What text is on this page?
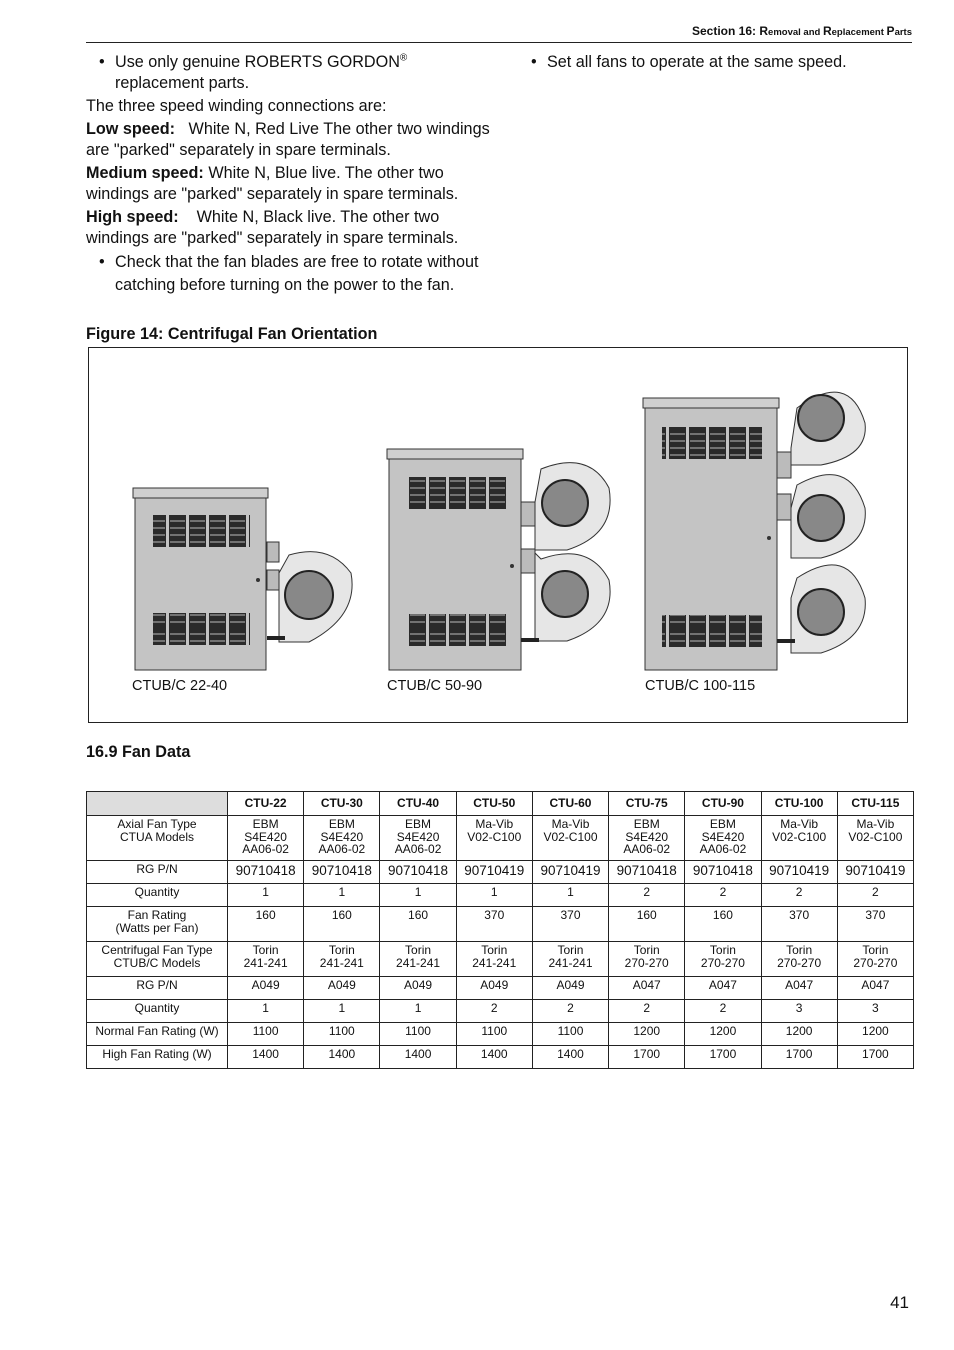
Section 16: Removal and Replacement Parts
• Use only genuine ROBERTS GORDON®
replacement parts.

The three speed winding connections are:

Low speed: White N, Red Live The other two windings are "parked" separately in spare terminals.

Medium speed: White N, Blue live. The other two windings are "parked" separately in spare terminals.

High speed: White N, Black live. The other two windings are "parked" separately in spare terminals.

• Check that the fan blades are free to rotate without catching before turning on the power to the fan.
• Set all fans to operate at the same speed.
Figure 14: Centrifugal Fan Orientation
CTUB/C 22-40	CTUB/C 50-90	CTUB/C 100-115
16.9 Fan Data
	CTU-22	CTU-30	CTU-40	CTU-50	CTU-60	CTU-75	CTU-90	CTU-100	CTU-115
Axial Fan Type
CTUA Models	EBM
S4E420
AA06-02	EBM
S4E420
AA06-02	EBM
S4E420
AA06-02	Ma-Vib
V02-C100	Ma-Vib
V02-C100	EBM
S4E420
AA06-02	EBM
S4E420
AA06-02	Ma-Vib
V02-C100	Ma-Vib
V02-C100
RG P/N	90710418	90710418	90710418	90710419	90710419	90710418	90710418	90710419	90710419
Quantity	1	1	1	1	1	2	2	2	2
Fan Rating
(Watts per Fan)	160	160	160	370	370	160	160	370	370
Centrifugal Fan Type
CTUB/C Models	Torin
241-241	Torin
241-241	Torin
241-241	Torin
241-241	Torin
241-241	Torin
270-270	Torin
270-270	Torin
270-270	Torin
270-270
RG P/N	A049	A049	A049	A049	A049	A047	A047	A047	A047
Quantity	1	1	1	2	2	2	2	3	3
Normal Fan Rating (W)	1100	1100	1100	1100	1100	1200	1200	1200	1200
High Fan Rating (W)	1400	1400	1400	1400	1400	1700	1700	1700	1700
41
